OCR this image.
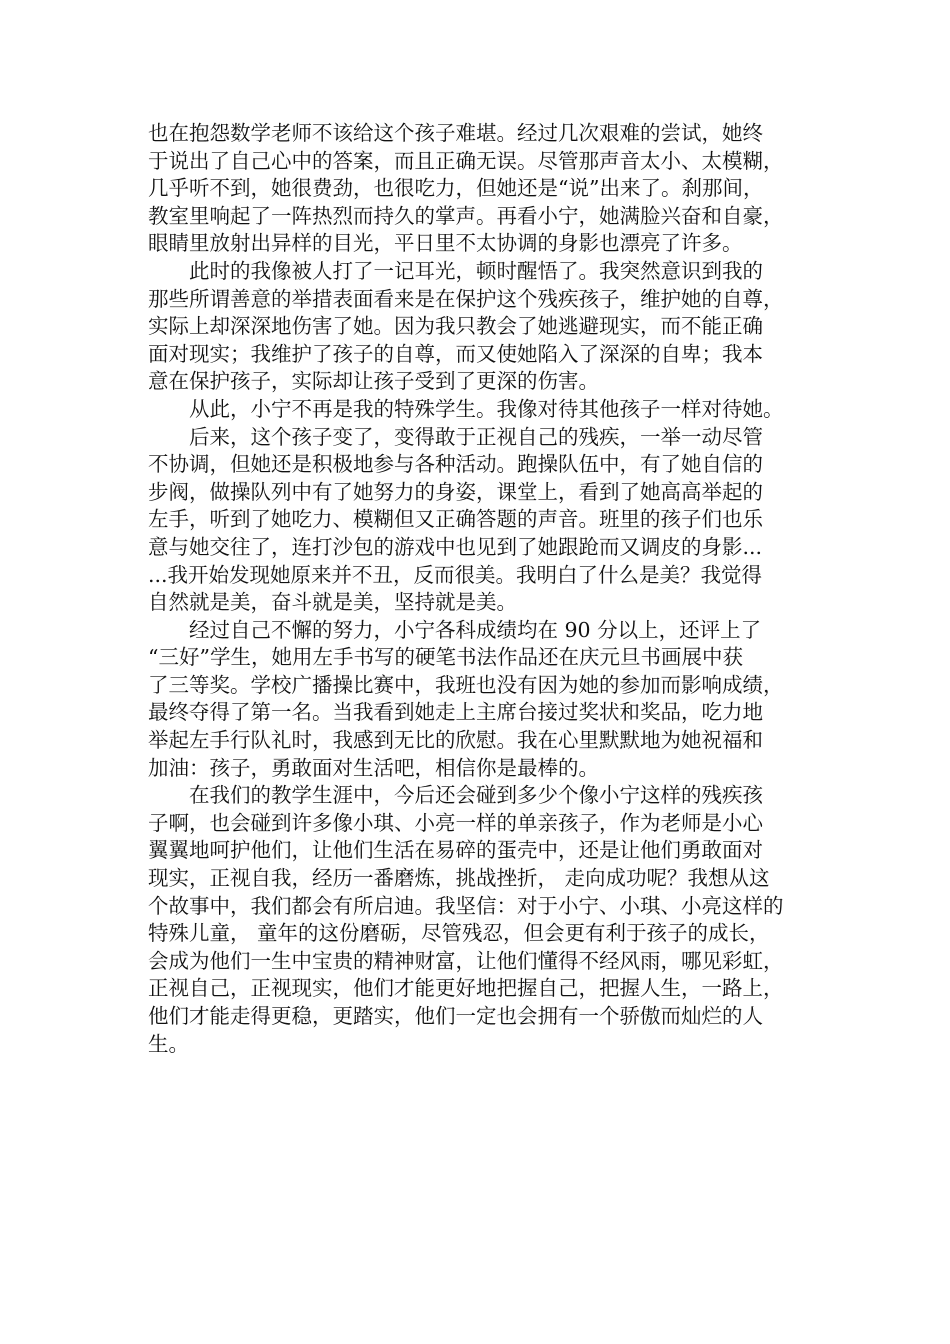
也在抱怨数学老师不该给这个孩子难堪。经过几次艰难的尝试，她终
于说出了自己心中的答案，而且正确无误。尽管那声音太小、太模糊，
几乎听不到，她很费劲，也很吃力，但她还是“说”出来了。刹那间，
教室里响起了一阵热烈而持久的掌声。再看小宁，她满脸兴奋和自豪，
眼睛里放射出异样的目光，平日里不太协调的身影也漂亮了许多。
此时的我像被人打了一记耳光，顿时醒悟了。我突然意识到我的
那些所谓善意的举措表面看来是在保护这个残疾孩子，维护她的自尊，
实际上却深深地伤害了她。因为我只教会了她逃避现实，而不能正确
面对现实；我维护了孩子的自尊，而又使她陷入了深深的自卑；我本
意在保护孩子，实际却让孩子受到了更深的伤害。
从此，小宁不再是我的特殊学生。我像对待其他孩子一样对待她。
后来，这个孩子变了，变得敢于正视自己的残疾，一举一动尽管
不协调，但她还是积极地参与各种活动。跑操队伍中，有了她自信的
步阀，做操队列中有了她努力的身姿，课堂上，看到了她高高举起的
左手，听到了她吃力、模糊但又正确答题的声音。班里的孩子们也乐
意与她交往了，连打沙包的游戏中也见到了她跟跄而又调皮的身影...
...我开始发现她原来并不丑，反而很美。我明白了什么是美？我觉得
自然就是美，奋斗就是美，坚持就是美。
经过自己不懈的努力，小宁各科成绩均在 90 分以上，还评上了
“三好”学生，她用左手书写的硬笔书法作品还在庆元旦书画展中获
了三等奖。学校广播操比赛中，我班也没有因为她的参加而影响成绩，
最终夺得了第一名。当我看到她走上主席台接过奖状和奖品，吃力地
举起左手行队礼时，我感到无比的欣慰。我在心里默默地为她祝福和
加油：孩子，勇敢面对生活吧，相信你是最棒的。
在我们的教学生涯中，今后还会碰到多少个像小宁这样的残疾孩
子啊，也会碰到许多像小琪、小亮一样的单亲孩子，作为老师是小心
翼翼地呵护他们，让他们生活在易碎的蛋壳中，还是让他们勇敢面对
现实，正视自我，经历一番磨炼，挑战挫折， 走向成功呢？我想从这
个故事中，我们都会有所启迪。我坚信：对于小宁、小琪、小亮这样的
特殊儿童， 童年的这份磨砺，尽管残忍，但会更有利于孩子的成长，
会成为他们一生中宝贵的精神财富，让他们懂得不经风雨，哪见彩虹，
正视自己，正视现实，他们才能更好地把握自己，把握人生，一路上，
他们才能走得更稳，更踏实，他们一定也会拥有一个骄傲而灿烂的人
生。
